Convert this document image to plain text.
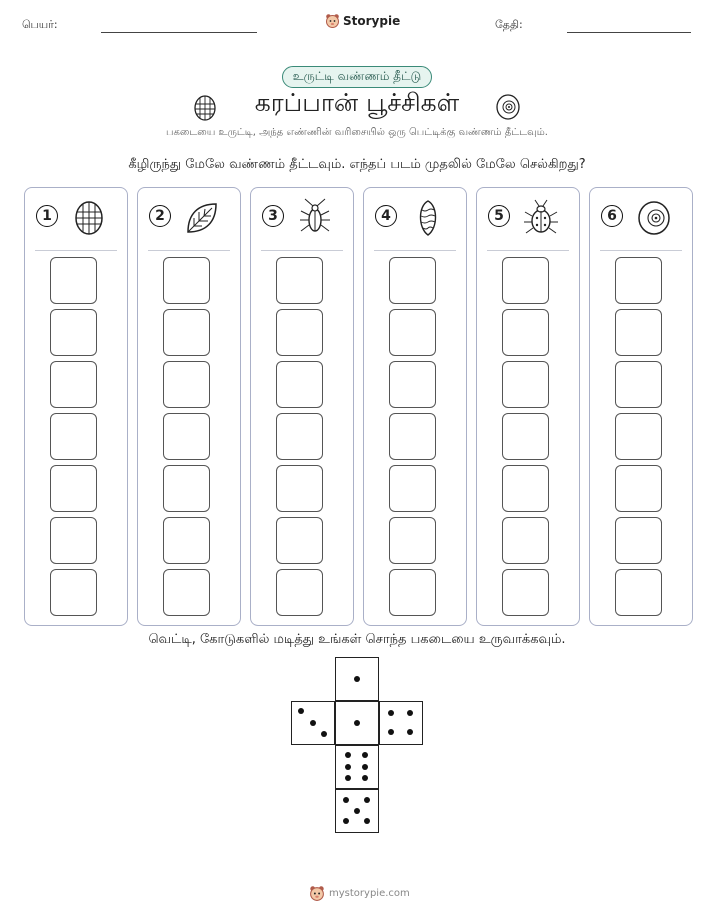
பெயர்:	Storypie	தேதி:
உருட்டி வண்ணம் தீட்டு
கரப்பான் பூச்சிகள்
பகடையை உருட்டி, அந்த எண்ணின் வரிசையில் ஒரு பெட்டிக்கு வண்ணம் தீட்டவும்.
கீழிருந்து மேலே வண்ணம் தீட்டவும். எந்தப் படம் முதலில் மேலே செல்கிறது?
1	2	3	4	5	6
வெட்டி, கோடுகளில் மடித்து உங்கள் சொந்த பகடையை உருவாக்கவும்.
mystorypie.com
